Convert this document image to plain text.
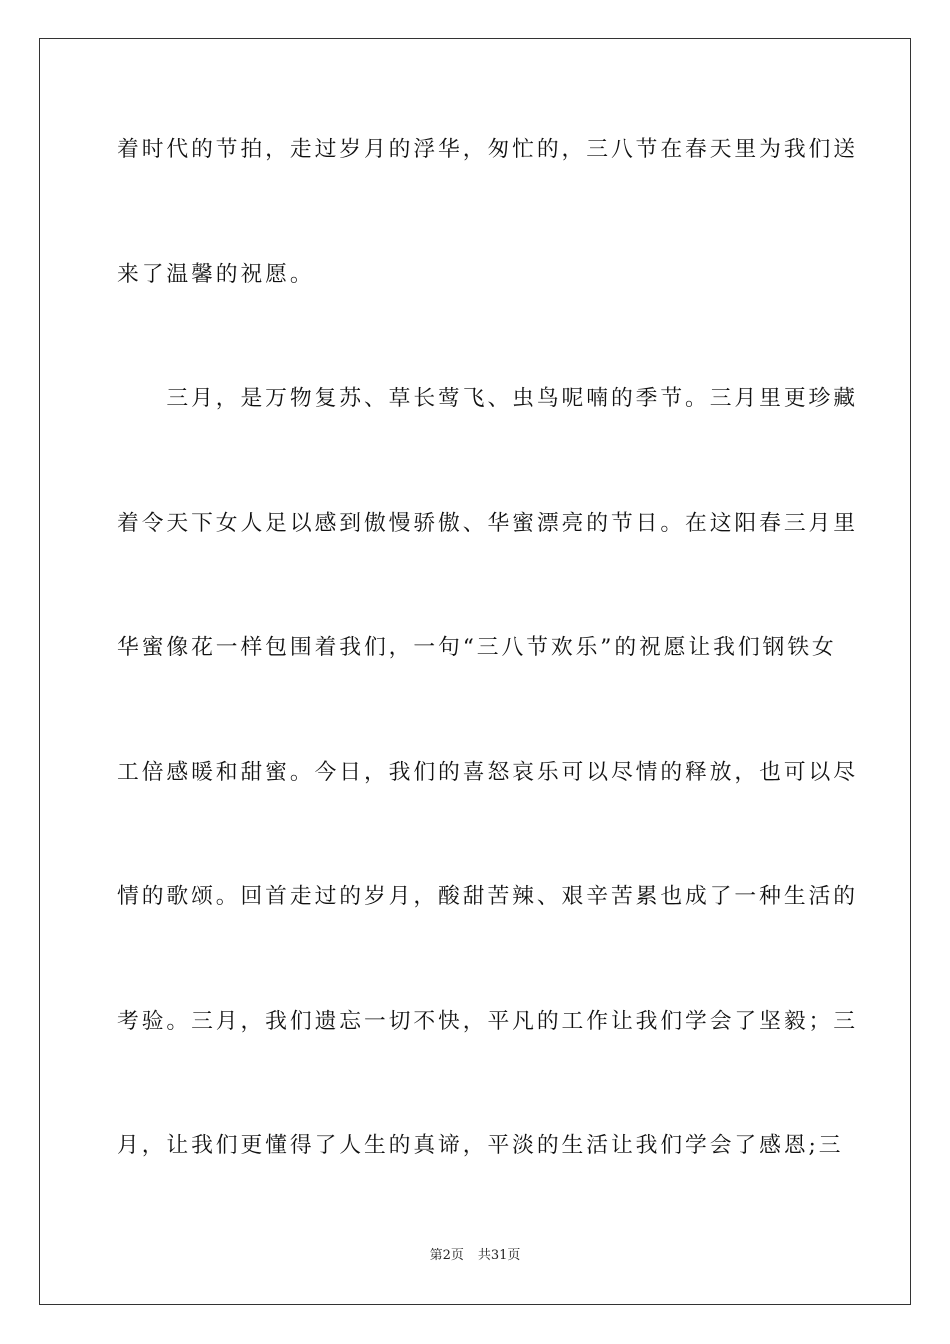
着时代的节拍，走过岁月的浮华，匆忙的，三八节在春天里为我们送
来了温馨的祝愿。
　　三月，是万物复苏、草长莺飞、虫鸟呢喃的季节。三月里更珍藏
着令天下女人足以感到傲慢骄傲、华蜜漂亮的节日。在这阳春三月里
华蜜像花一样包围着我们，一句“三八节欢乐”的祝愿让我们钢铁女
工倍感暖和甜蜜。今日，我们的喜怒哀乐可以尽情的释放，也可以尽
情的歌颂。回首走过的岁月，酸甜苦辣、艰辛苦累也成了一种生活的
考验。三月，我们遗忘一切不快，平凡的工作让我们学会了坚毅；三
月，让我们更懂得了人生的真谛，平淡的生活让我们学会了感恩;三
第2页 共31页
